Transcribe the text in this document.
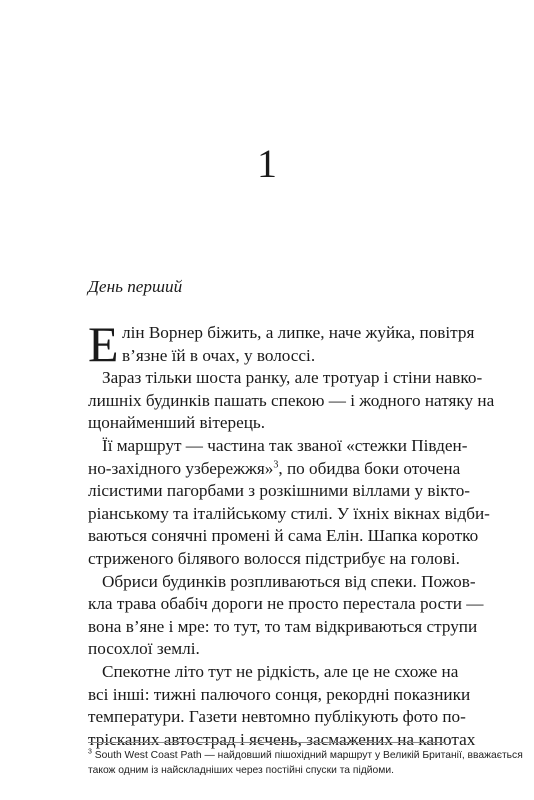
1
День перший
Е лін Ворнер біжить, а липке, наче жуйка, повітря
в’язне їй в очах, у волоссі.
Зараз тільки шоста ранку, але тротуар і стіни навко-
лишніх будинків пашать спекою — і жодного натяку на
щонайменший вітерець.
Її маршрут — частина так званої «стежки Півден-
но-західного узбережжя»$^3$, по обидва боки оточена
лісистими пагорбами з розкішними віллами у вікто-
ріанському та італійському стилі. У їхніх вікнах відби-
ваються сонячні промені й сама Елін. Шапка коротко
стриженого білявого волосся підстрибує на голові.
Обриси будинків розпливаються від спеки. Пожов-
кла трава обабіч дороги не просто перестала рости —
вона в’яне і мре: то тут, то там відкриваються струпи
посохлої землі.
Спекотне літо тут не рідкість, але це не схоже на
всі інші: тижні палючого сонця, рекордні показники
температури. Газети невтомно публікують фото по-
трісканих автострад і яєчень, засмажених на капотах
$^3$ South West Coast Path — найдовший пішохідний маршрут у Великій Британії, вважається
також одним із найскладніших через постійні спуски та підйоми.
